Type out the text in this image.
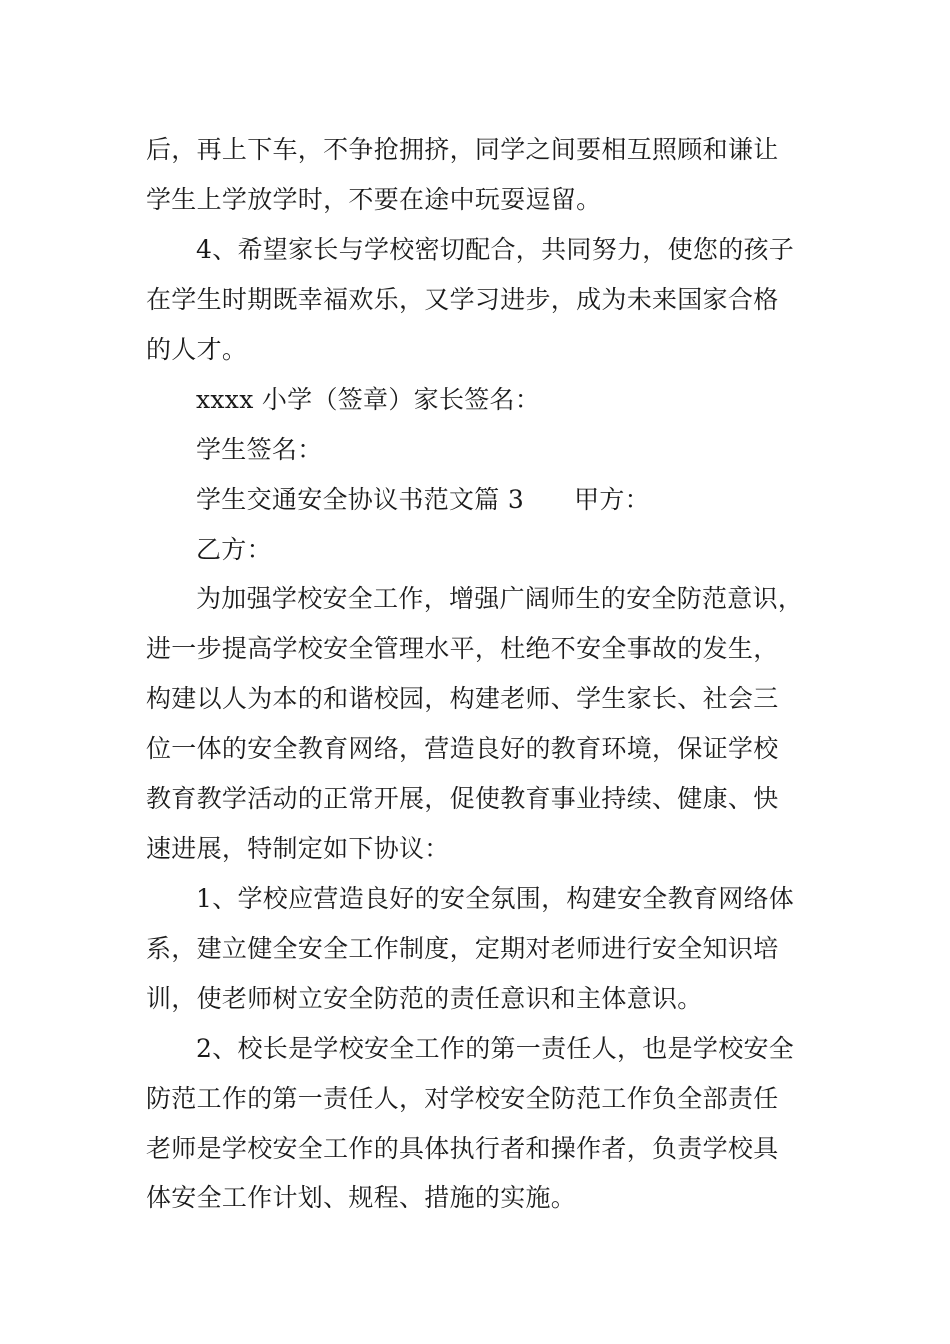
后，再上下车，不争抢拥挤，同学之间要相互照顾和谦让
学生上学放学时，不要在途中玩耍逗留。
4、希望家长与学校密切配合，共同努力，使您的孩子
在学生时期既幸福欢乐，又学习进步，成为未来国家合格
的人才。
xxxx 小学（签章）家长签名：
学生签名：
学生交通安全协议书范文篇 3 甲方：
乙方：
为加强学校安全工作，增强广阔师生的安全防范意识，
进一步提高学校安全管理水平，杜绝不安全事故的发生，
构建以人为本的和谐校园，构建老师、学生家长、社会三
位一体的安全教育网络，营造良好的教育环境，保证学校
教育教学活动的正常开展，促使教育事业持续、健康、快
速进展，特制定如下协议：
1、学校应营造良好的安全氛围，构建安全教育网络体
系，建立健全安全工作制度，定期对老师进行安全知识培
训，使老师树立安全防范的责任意识和主体意识。
2、校长是学校安全工作的第一责任人，也是学校安全
防范工作的第一责任人，对学校安全防范工作负全部责任
老师是学校安全工作的具体执行者和操作者，负责学校具
体安全工作计划、规程、措施的实施。
